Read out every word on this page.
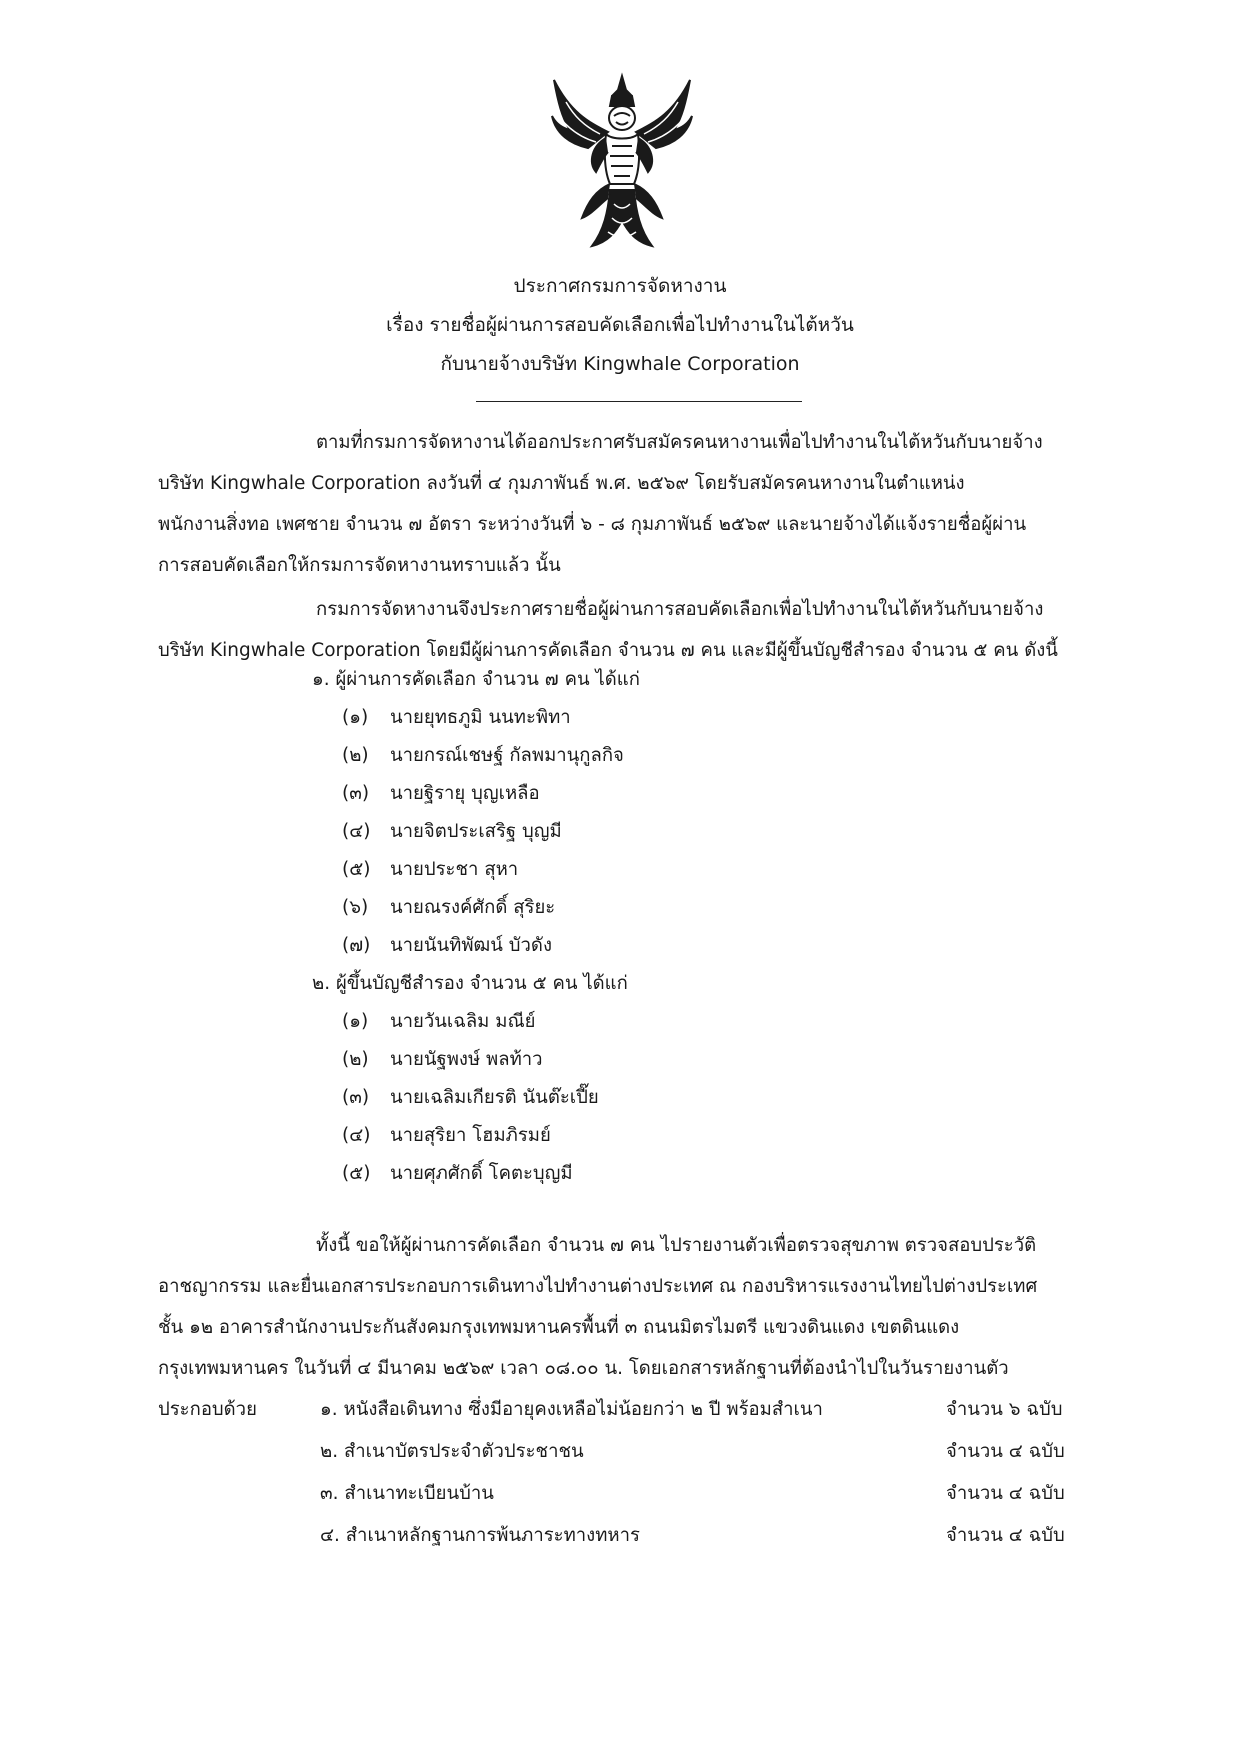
ประกาศกรมการจัดหางาน
เรื่อง รายชื่อผู้ผ่านการสอบคัดเลือกเพื่อไปทำงานในไต้หวัน
กับนายจ้างบริษัท Kingwhale Corporation

ตามที่กรมการจัดหางานได้ออกประกาศรับสมัครคนหางานเพื่อไปทำงานในไต้หวันกับนายจ้าง
บริษัท Kingwhale Corporation ลงวันที่ ๔ กุมภาพันธ์ พ.ศ. ๒๕๖๙ โดยรับสมัครคนหางานในตำแหน่ง
พนักงานสิ่งทอ เพศชาย จำนวน ๗ อัตรา ระหว่างวันที่ ๖ - ๘ กุมภาพันธ์ ๒๕๖๙ และนายจ้างได้แจ้งรายชื่อผู้ผ่าน
การสอบคัดเลือกให้กรมการจัดหางานทราบแล้ว นั้น

กรมการจัดหางานจึงประกาศรายชื่อผู้ผ่านการสอบคัดเลือกเพื่อไปทำงานในไต้หวันกับนายจ้าง
บริษัท Kingwhale Corporation โดยมีผู้ผ่านการคัดเลือก จำนวน ๗ คน และมีผู้ขึ้นบัญชีสำรอง จำนวน ๕ คน ดังนี้

๑. ผู้ผ่านการคัดเลือก จำนวน ๗ คน ได้แก่
(๑) นายยุทธภูมิ นนทะพิทา
(๒) นายกรณ์เชษฐ์ กัลพมานุกูลกิจ
(๓) นายฐิรายุ บุญเหลือ
(๔) นายจิตประเสริฐ บุญมี
(๕) นายประชา สุหา
(๖) นายณรงค์ศักดิ์ สุริยะ
(๗) นายนันทิพัฒน์ บัวดัง
๒. ผู้ขึ้นบัญชีสำรอง จำนวน ๕ คน ได้แก่
(๑) นายวันเฉลิม มณีย์
(๒) นายนัฐพงษ์ พลท้าว
(๓) นายเฉลิมเกียรติ นันต๊ะเปี๊ย
(๔) นายสุริยา โฮมภิรมย์
(๕) นายศุภศักดิ์ โคตะบุญมี

ทั้งนี้ ขอให้ผู้ผ่านการคัดเลือก จำนวน ๗ คน ไปรายงานตัวเพื่อตรวจสุขภาพ ตรวจสอบประวัติ
อาชญากรรม และยื่นเอกสารประกอบการเดินทางไปทำงานต่างประเทศ ณ กองบริหารแรงงานไทยไปต่างประเทศ
ชั้น ๑๒ อาคารสำนักงานประกันสังคมกรุงเทพมหานครพื้นที่ ๓ ถนนมิตรไมตรี แขวงดินแดง เขตดินแดง
กรุงเทพมหานคร ในวันที่ ๔ มีนาคม ๒๕๖๙ เวลา ๐๘.๐๐ น. โดยเอกสารหลักฐานที่ต้องนำไปในวันรายงานตัว
ประกอบด้วย	๑. หนังสือเดินทาง ซึ่งมีอายุคงเหลือไม่น้อยกว่า ๒ ปี พร้อมสำเนา	จำนวน ๖ ฉบับ
๒. สำเนาบัตรประจำตัวประชาชน	จำนวน ๔ ฉบับ
๓. สำเนาทะเบียนบ้าน	จำนวน ๔ ฉบับ
๔. สำเนาหลักฐานการพ้นภาระทางทหาร	จำนวน ๔ ฉบับ
